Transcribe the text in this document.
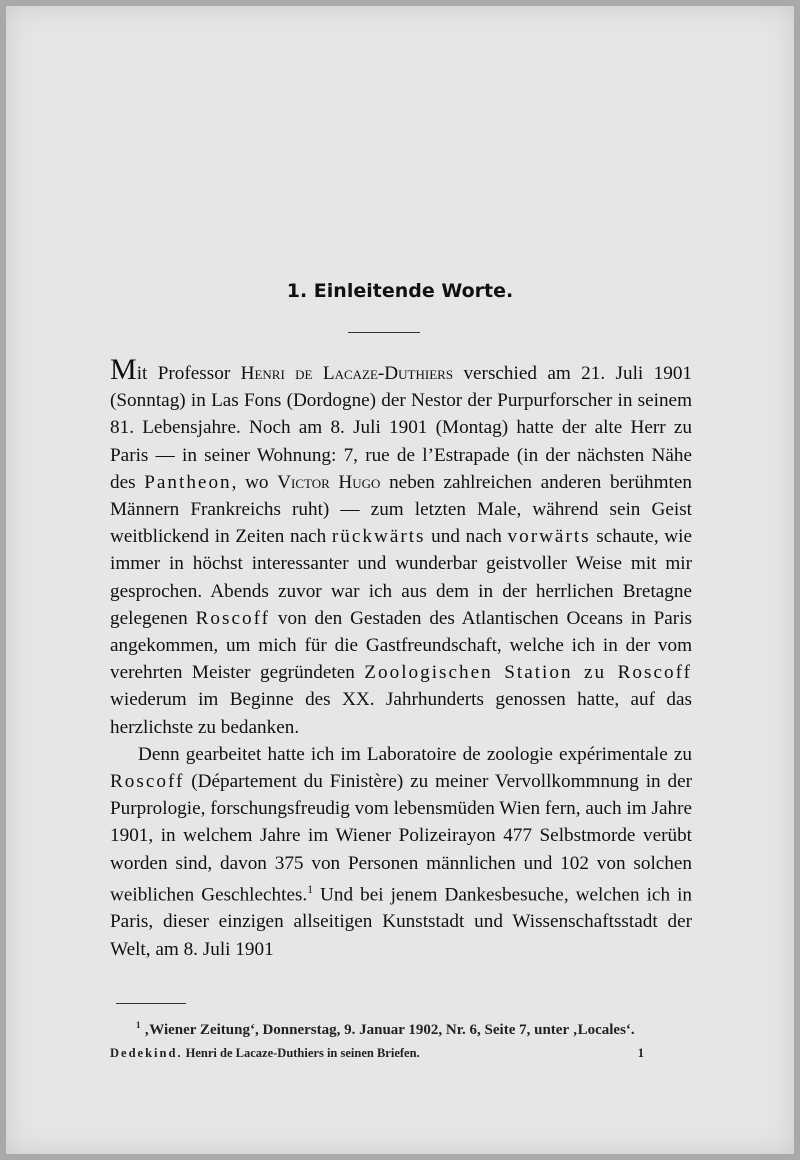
1. Einleitende Worte.

Mit Professor Henri de Lacaze-Duthiers verschied am 21. Juli 1901 (Sonntag) in Las Fons (Dordogne) der Nestor der Purpurforscher in seinem 81. Lebensjahre. Noch am 8. Juli 1901 (Montag) hatte der alte Herr zu Paris — in seiner Wohnung: 7, rue de l’Estrapade (in der nächsten Nähe des Pantheon, wo Victor Hugo neben zahlreichen anderen berühmten Männern Frankreichs ruht) — zum letzten Male, während sein Geist weitblickend in Zeiten nach rückwärts und nach vorwärts schaute, wie immer in höchst interessanter und wunderbar geistvoller Weise mit mir gesprochen. Abends zuvor war ich aus dem in der herrlichen Bretagne gelegenen Roscoff von den Gestaden des Atlantischen Oceans in Paris angekommen, um mich für die Gastfreundschaft, welche ich in der vom verehrten Meister gegründeten Zoologischen Station zu Roscoff wiederum im Beginne des XX. Jahrhunderts genossen hatte, auf das herzlichste zu bedanken.

Denn gearbeitet hatte ich im Laboratoire de zoologie expérimentale zu Roscoff (Département du Finistère) zu meiner Vervollkommnung in der Purprologie, forschungsfreudig vom lebensmüden Wien fern, auch im Jahre 1901, in welchem Jahre im Wiener Polizeirayon 477 Selbstmorde verübt worden sind, davon 375 von Personen männlichen und 102 von solchen weiblichen Geschlechtes.$^1$ Und bei jenem Dankesbesuche, welchen ich in Paris, dieser einzigen allseitigen Kunststadt und Wissenschaftsstadt der Welt, am 8. Juli 1901

$^1$ ‚Wiener Zeitung‘, Donnerstag, 9. Januar 1902, Nr. 6, Seite 7, unter ‚Locales‘.
Dedekind. Henri de Lacaze-Duthiers in seinen Briefen.	1
